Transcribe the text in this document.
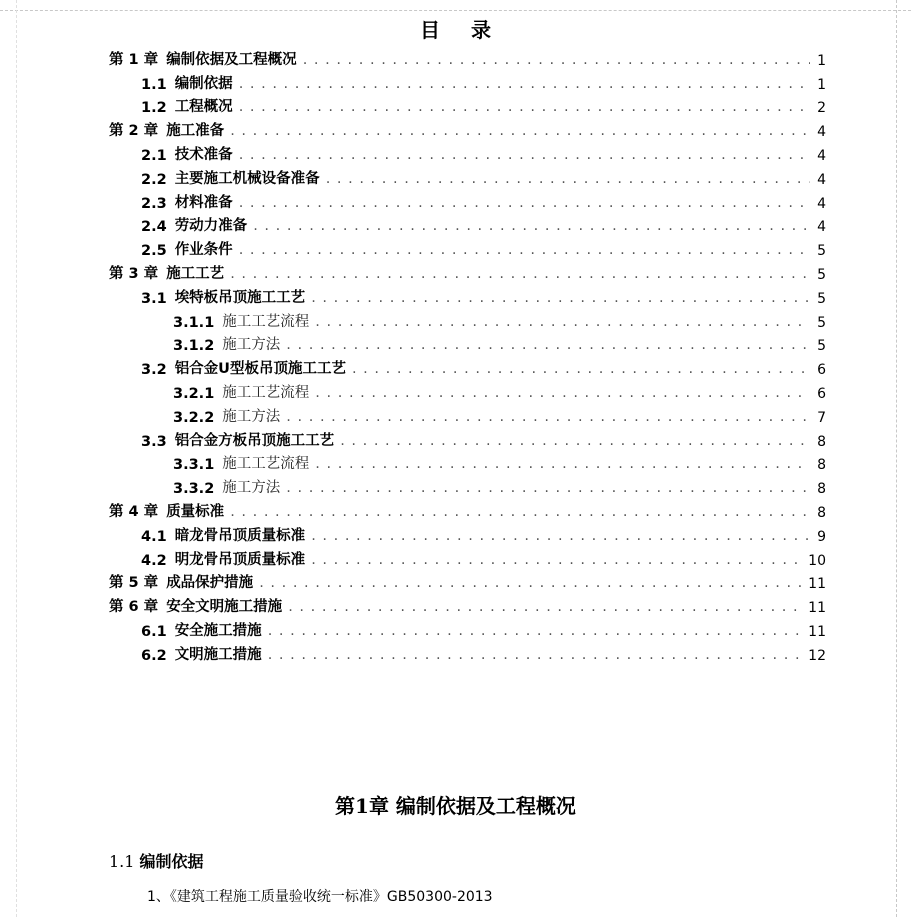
目 录
第 1 章 编制依据及工程概况 . . .	1
1.1 编制依据 . . .	1
1.2 工程概况 . . .	2
第 2 章 施工准备 . . .	4
2.1 技术准备 . . .	4
2.2 主要施工机械设备准备 . . .	4
2.3 材料准备 . . .	4
2.4 劳动力准备 . . .	4
2.5 作业条件 . . .	5
第 3 章 施工工艺 . . .	5
3.1 埃特板吊顶施工工艺 . . .	5
3.1.1 施工工艺流程 . . .	5
3.1.2 施工方法 . . .	5
3.2 铝合金U型板吊顶施工工艺 . . .	6
3.2.1 施工工艺流程 . . .	6
3.2.2 施工方法 . . .	7
3.3 铝合金方板吊顶施工工艺 . . .	8
3.3.1 施工工艺流程 . . .	8
3.3.2 施工方法 . . .	8
第 4 章 质量标准 . . .	8
4.1 暗龙骨吊顶质量标准 . . .	9
4.2 明龙骨吊顶质量标准 . . .	10
第 5 章 成品保护措施 . . .	11
第 6 章 安全文明施工措施 . . .	11
6.1 安全施工措施 . . .	11
6.2 文明施工措施 . . .	12
第1章 编制依据及工程概况
1.1 编制依据
1、《建筑工程施工质量验收统一标准》GB50300-2013
